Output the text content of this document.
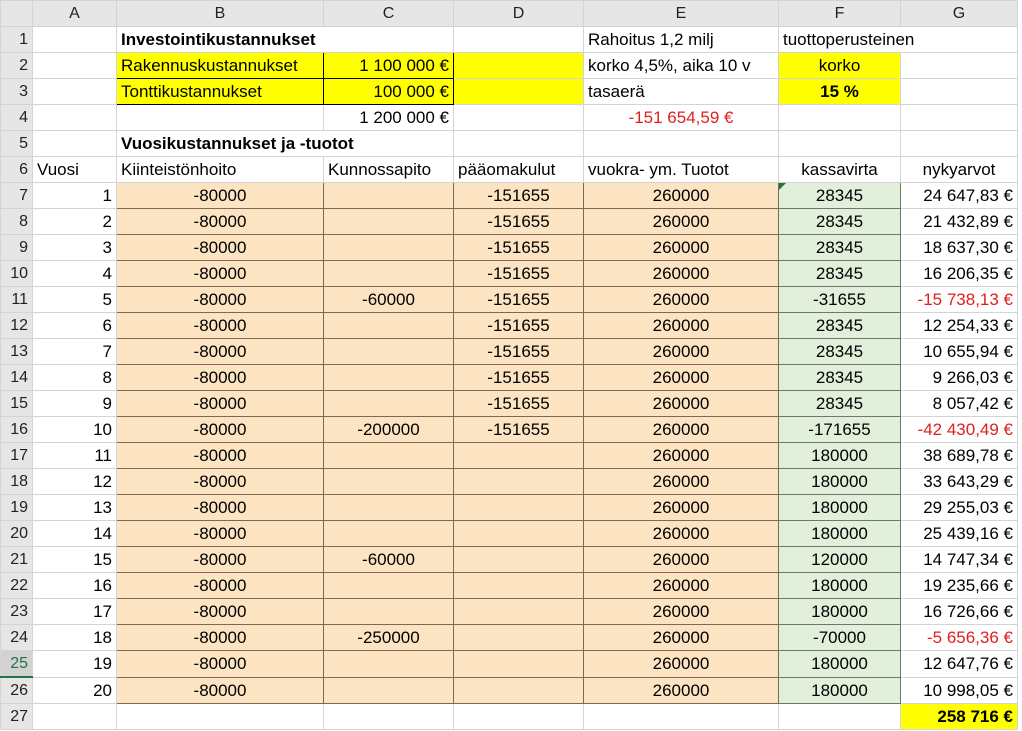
	A	B	C	D	E	F	G
1		Investointikustannukset			Rahoitus 1,2 milj	tuottoperusteinen	
2		Rakennuskustannukset	1 100 000 €		korko 4,5%, aika 10 v	korko	
3		Tonttikustannukset	100 000 €		tasaerä	15 %	
4			1 200 000 €		-151 654,59 €		
5		Vuosikustannukset ja -tuotot					
6	Vuosi	Kiinteistönhoito	Kunnossapito	pääomakulut	vuokra- ym. Tuotot	kassavirta	nykyarvot
7	1	-80000		-151655	260000	28345	24 647,83 €
8	2	-80000		-151655	260000	28345	21 432,89 €
9	3	-80000		-151655	260000	28345	18 637,30 €
10	4	-80000		-151655	260000	28345	16 206,35 €
11	5	-80000	-60000	-151655	260000	-31655	-15 738,13 €
12	6	-80000		-151655	260000	28345	12 254,33 €
13	7	-80000		-151655	260000	28345	10 655,94 €
14	8	-80000		-151655	260000	28345	9 266,03 €
15	9	-80000		-151655	260000	28345	8 057,42 €
16	10	-80000	-200000	-151655	260000	-171655	-42 430,49 €
17	11	-80000			260000	180000	38 689,78 €
18	12	-80000			260000	180000	33 643,29 €
19	13	-80000			260000	180000	29 255,03 €
20	14	-80000			260000	180000	25 439,16 €
21	15	-80000	-60000		260000	120000	14 747,34 €
22	16	-80000			260000	180000	19 235,66 €
23	17	-80000			260000	180000	16 726,66 €
24	18	-80000	-250000		260000	-70000	-5 656,36 €
25	19	-80000			260000	180000	12 647,76 €
26	20	-80000			260000	180000	10 998,05 €
27							258 716 €
